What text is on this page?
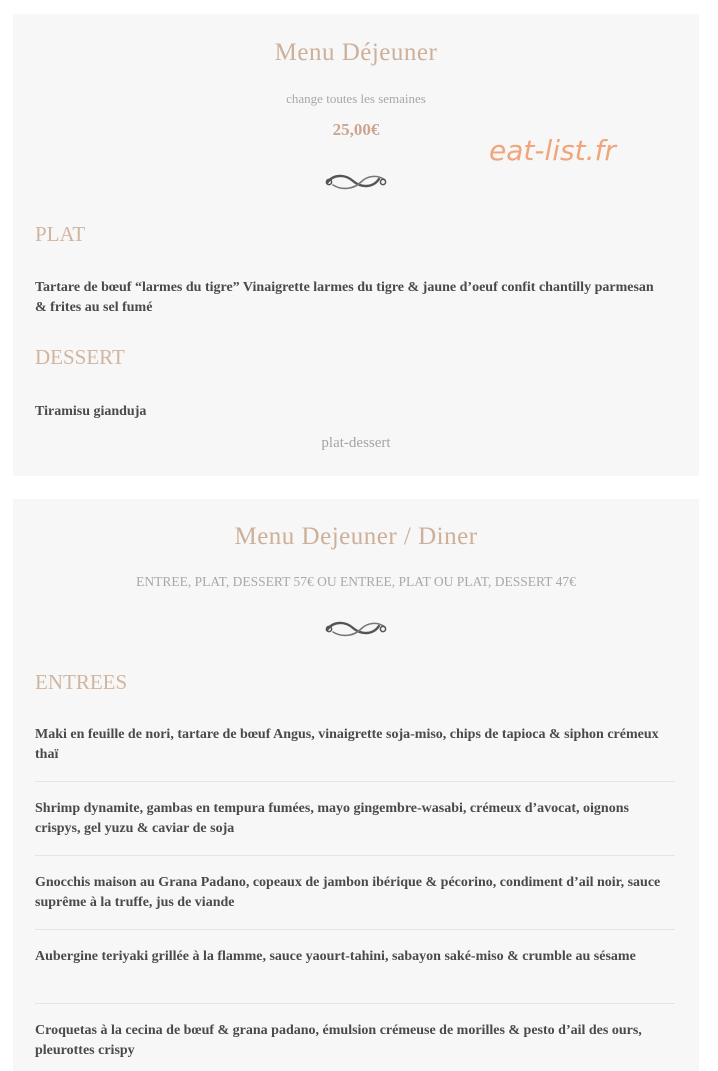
Menu Déjeuner

change toutes les semaines

25,00€

eat-list.fr

PLAT

Tartare de bœuf “larmes du tigre” Vinaigrette larmes du tigre & jaune d’oeuf confit chantilly parmesan & frites au sel fumé

DESSERT

Tiramisu gianduja

plat-dessert

Menu Dejeuner / Diner

ENTREE, PLAT, DESSERT 57€ OU ENTREE, PLAT OU PLAT, DESSERT 47€

ENTREES

Maki en feuille de nori, tartare de bœuf Angus, vinaigrette soja-miso, chips de tapioca & siphon crémeux thaï

Shrimp dynamite, gambas en tempura fumées, mayo gingembre-wasabi, crémeux d’avocat, oignons crispys, gel yuzu & caviar de soja

Gnocchis maison au Grana Padano, copeaux de jambon ibérique & pécorino, condiment d’ail noir, sauce suprême à la truffe, jus de viande

Aubergine teriyaki grillée à la flamme, sauce yaourt-tahini, sabayon saké-miso & crumble au sésame

Croquetas à la cecina de bœuf & grana padano, émulsion crémeuse de morilles & pesto d’ail des ours, pleurottes crispy
